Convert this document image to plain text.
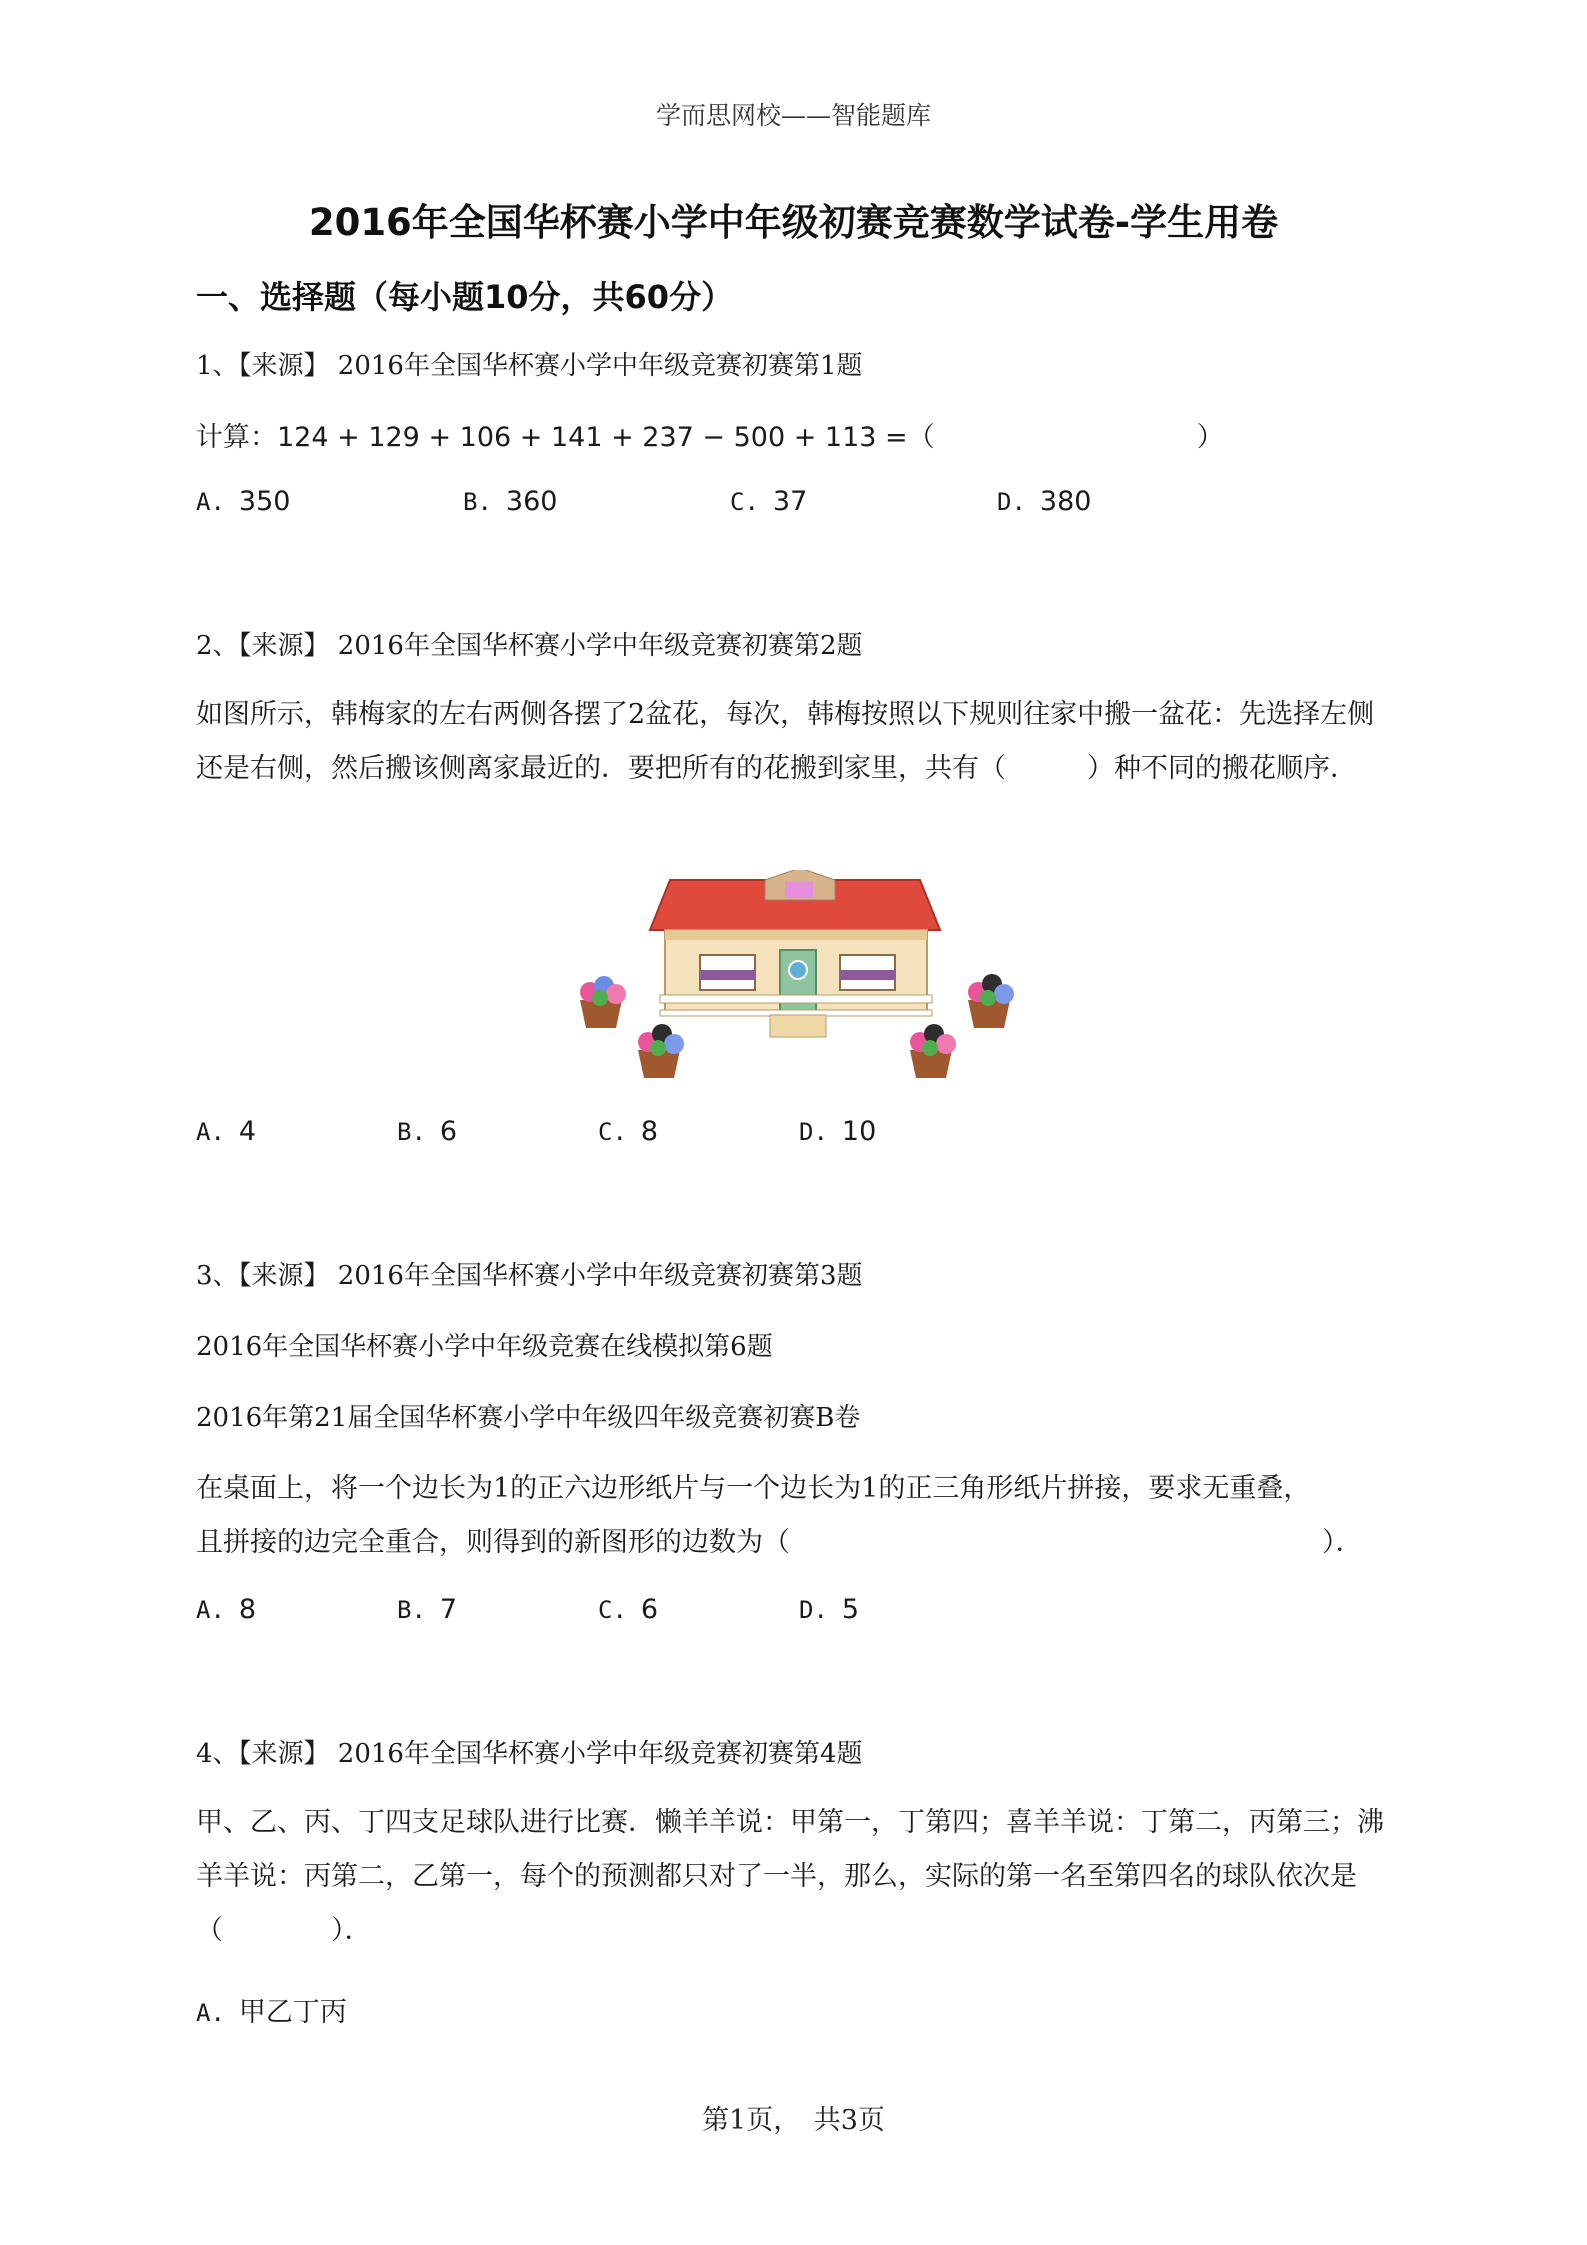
学而思网校——智能题库
2016年全国华杯赛小学中年级初赛竞赛数学试卷-学生用卷
一、选择题（每小题10分，共60分）
1、【来源】 2016年全国华杯赛小学中年级竞赛初赛第1题
计算：124 + 129 + 106 + 141 + 237 − 500 + 113 =（	）
A. 350	B. 360	C. 37	D. 380
2、【来源】 2016年全国华杯赛小学中年级竞赛初赛第2题
如图所示，韩梅家的左右两侧各摆了2盆花，每次，韩梅按照以下规则往家中搬一盆花：先选择左侧还是右侧，然后搬该侧离家最近的．要把所有的花搬到家里，共有（　　　）种不同的搬花顺序．
A. 4	B. 6	C. 8	D. 10
3、【来源】 2016年全国华杯赛小学中年级竞赛初赛第3题
2016年全国华杯赛小学中年级竞赛在线模拟第6题
2016年第21届全国华杯赛小学中年级四年级竞赛初赛B卷
在桌面上，将一个边长为1的正六边形纸片与一个边长为1的正三角形纸片拼接，要求无重叠，
且拼接的边完全重合，则得到的新图形的边数为（	）．
A. 8	B. 7	C. 6	D. 5
4、【来源】 2016年全国华杯赛小学中年级竞赛初赛第4题
甲、乙、丙、丁四支足球队进行比赛．懒羊羊说：甲第一，丁第四；喜羊羊说：丁第二，丙第三；沸羊羊说：丙第二，乙第一，每个的预测都只对了一半，那么，实际的第一名至第四名的球队依次是（　　　　）．
A. 甲乙丁丙
第1页，　共3页
